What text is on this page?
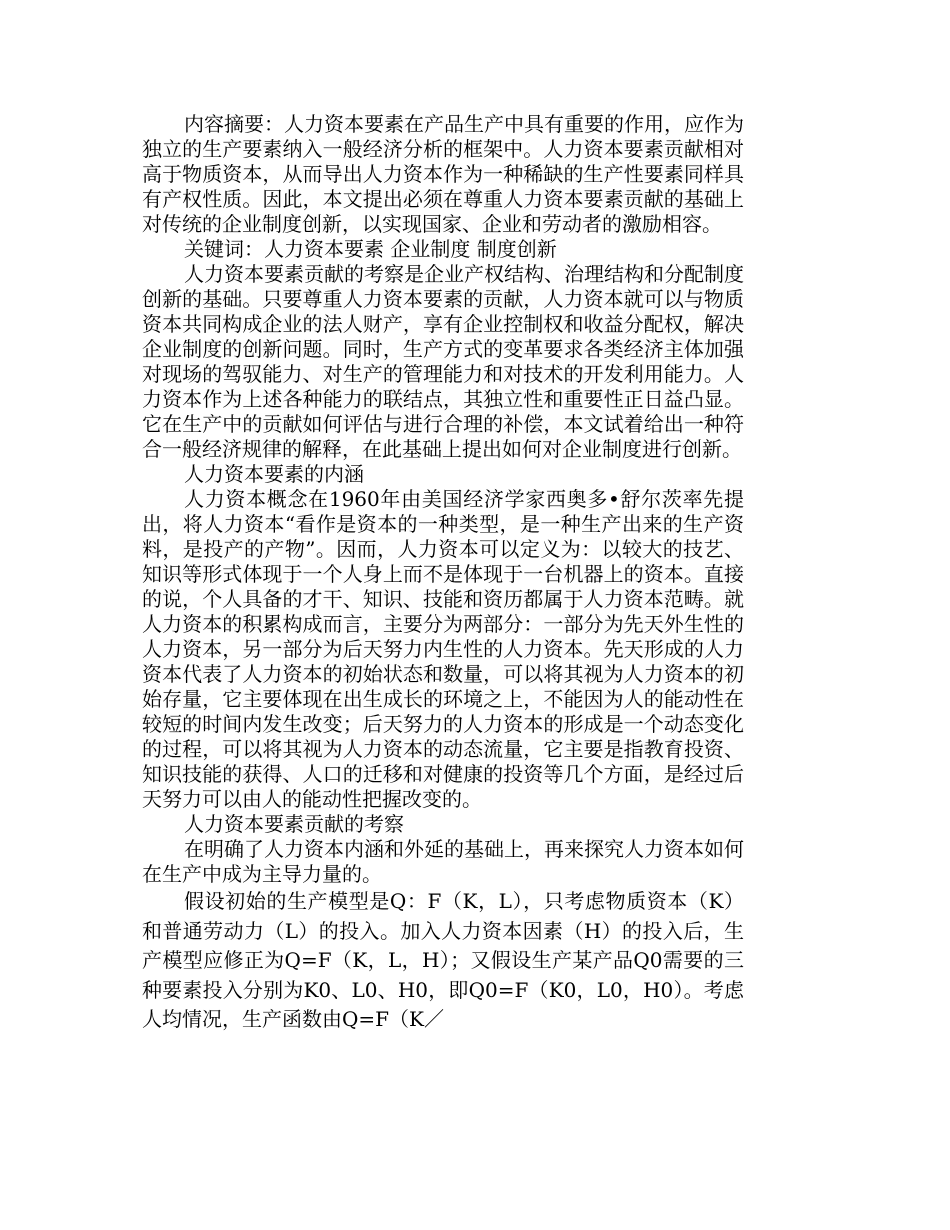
内容摘要：人力资本要素在产品生产中具有重要的作用，应作为独立的生产要素纳入一般经济分析的框架中。人力资本要素贡献相对高于物质资本，从而导出人力资本作为一种稀缺的生产性要素同样具有产权性质。因此，本文提出必须在尊重人力资本要素贡献的基础上对传统的企业制度创新，以实现国家、企业和劳动者的激励相容。

关键词：人力资本要素 企业制度 制度创新

人力资本要素贡献的考察是企业产权结构、治理结构和分配制度创新的基础。只要尊重人力资本要素的贡献，人力资本就可以与物质资本共同构成企业的法人财产，享有企业控制权和收益分配权，解决企业制度的创新问题。同时，生产方式的变革要求各类经济主体加强对现场的驾驭能力、对生产的管理能力和对技术的开发利用能力。人力资本作为上述各种能力的联结点，其独立性和重要性正日益凸显。它在生产中的贡献如何评估与进行合理的补偿，本文试着给出一种符合一般经济规律的解释，在此基础上提出如何对企业制度进行创新。

人力资本要素的内涵

人力资本概念在1960年由美国经济学家西奥多•舒尔茨率先提出，将人力资本“看作是资本的一种类型，是一种生产出来的生产资料，是投产的产物”。因而，人力资本可以定义为：以较大的技艺、知识等形式体现于一个人身上而不是体现于一台机器上的资本。直接的说，个人具备的才干、知识、技能和资历都属于人力资本范畴。就人力资本的积累构成而言，主要分为两部分：一部分为先天外生性的人力资本，另一部分为后天努力内生性的人力资本。先天形成的人力资本代表了人力资本的初始状态和数量，可以将其视为人力资本的初始存量，它主要体现在出生成长的环境之上，不能因为人的能动性在较短的时间内发生改变；后天努力的人力资本的形成是一个动态变化的过程，可以将其视为人力资本的动态流量，它主要是指教育投资、知识技能的获得、人口的迁移和对健康的投资等几个方面，是经过后天努力可以由人的能动性把握改变的。

人力资本要素贡献的考察

在明确了人力资本内涵和外延的基础上，再来探究人力资本如何在生产中成为主导力量的。

假设初始的生产模型是Q：F（K，L），只考虑物质资本（K）和普通劳动力（L）的投入。加入人力资本因素（H）的投入后，生产模型应修正为Q=F（K，L，H）；又假设生产某产品Q0需要的三种要素投入分别为K0、L0、H0，即Q0=F（K0，L0，H0）。考虑人均情况，生产函数由Q=F（K／
